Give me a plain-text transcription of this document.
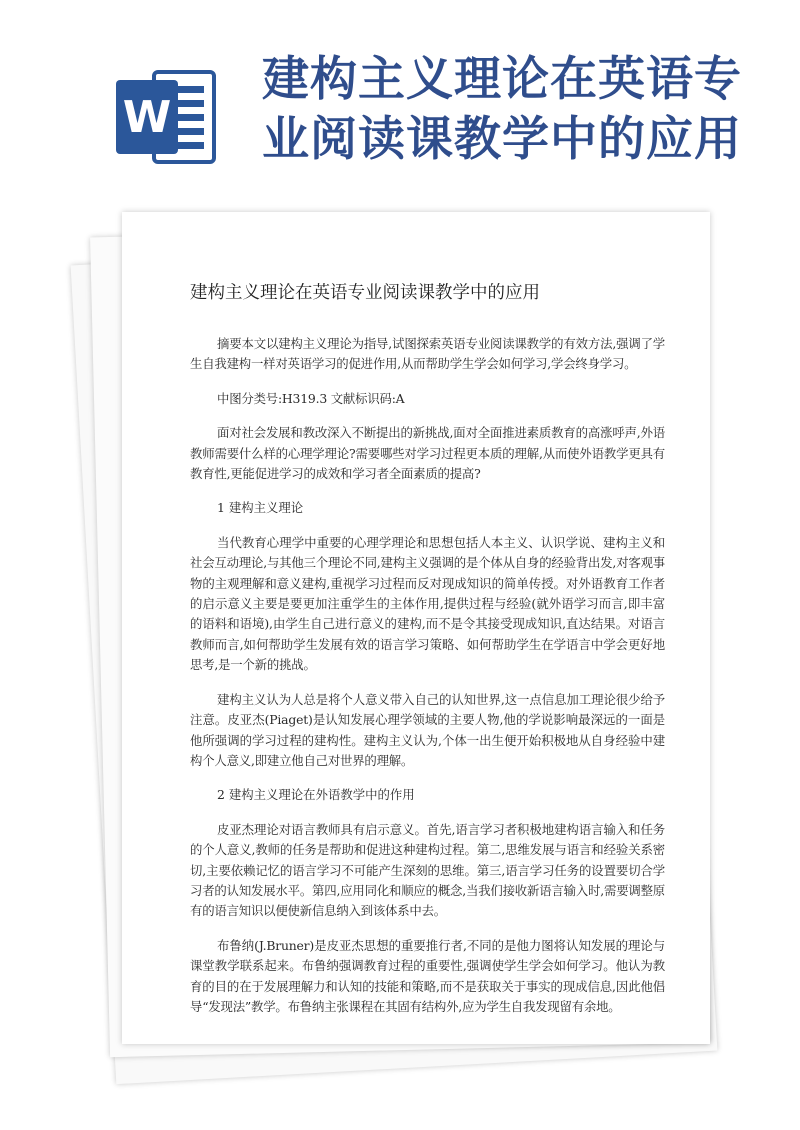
W
建构主义理论在英语专业阅读课教学中的应用
建构主义理论在英语专业阅读课教学中的应用

摘要本文以建构主义理论为指导,试图探索英语专业阅读课教学的有效方法,强调了学生自我建构一样对英语学习的促进作用,从而帮助学生学会如何学习,学会终身学习。

中图分类号:H319.3 文献标识码:A

面对社会发展和教改深入不断提出的新挑战,面对全面推进素质教育的高涨呼声,外语教师需要什么样的心理学理论?需要哪些对学习过程更本质的理解,从而使外语教学更具有教育性,更能促进学习的成效和学习者全面素质的提高?

1 建构主义理论

当代教育心理学中重要的心理学理论和思想包括人本主义、认识学说、建构主义和社会互动理论,与其他三个理论不同,建构主义强调的是个体从自身的经验背出发,对客观事物的主观理解和意义建构,重视学习过程而反对现成知识的简单传授。对外语教育工作者的启示意义主要是要更加注重学生的主体作用,提供过程与经验(就外语学习而言,即丰富的语料和语境),由学生自己进行意义的建构,而不是令其接受现成知识,直达结果。对语言教师而言,如何帮助学生发展有效的语言学习策略、如何帮助学生在学语言中学会更好地思考,是一个新的挑战。

建构主义认为人总是将个人意义带入自己的认知世界,这一点信息加工理论很少给予注意。皮亚杰(Piaget)是认知发展心理学领域的主要人物,他的学说影响最深远的一面是他所强调的学习过程的建构性。建构主义认为,个体一出生便开始积极地从自身经验中建构个人意义,即建立他自己对世界的理解。

2 建构主义理论在外语教学中的作用

皮亚杰理论对语言教师具有启示意义。首先,语言学习者积极地建构语言输入和任务的个人意义,教师的任务是帮助和促进这种建构过程。第二,思维发展与语言和经验关系密切,主要依赖记忆的语言学习不可能产生深刻的思维。第三,语言学习任务的设置要切合学习者的认知发展水平。第四,应用同化和顺应的概念,当我们接收新语言输入时,需要调整原有的语言知识以便使新信息纳入到该体系中去。

布鲁纳(J.Bruner)是皮亚杰思想的重要推行者,不同的是他力图将认知发展的理论与课堂教学联系起来。布鲁纳强调教育过程的重要性,强调使学生学会如何学习。他认为教育的目的在于发展理解力和认知的技能和策略,而不是获取关于事实的现成信息,因此他倡导“发现法”教学。布鲁纳主张课程在其固有结构外,应为学生自我发现留有余地。
